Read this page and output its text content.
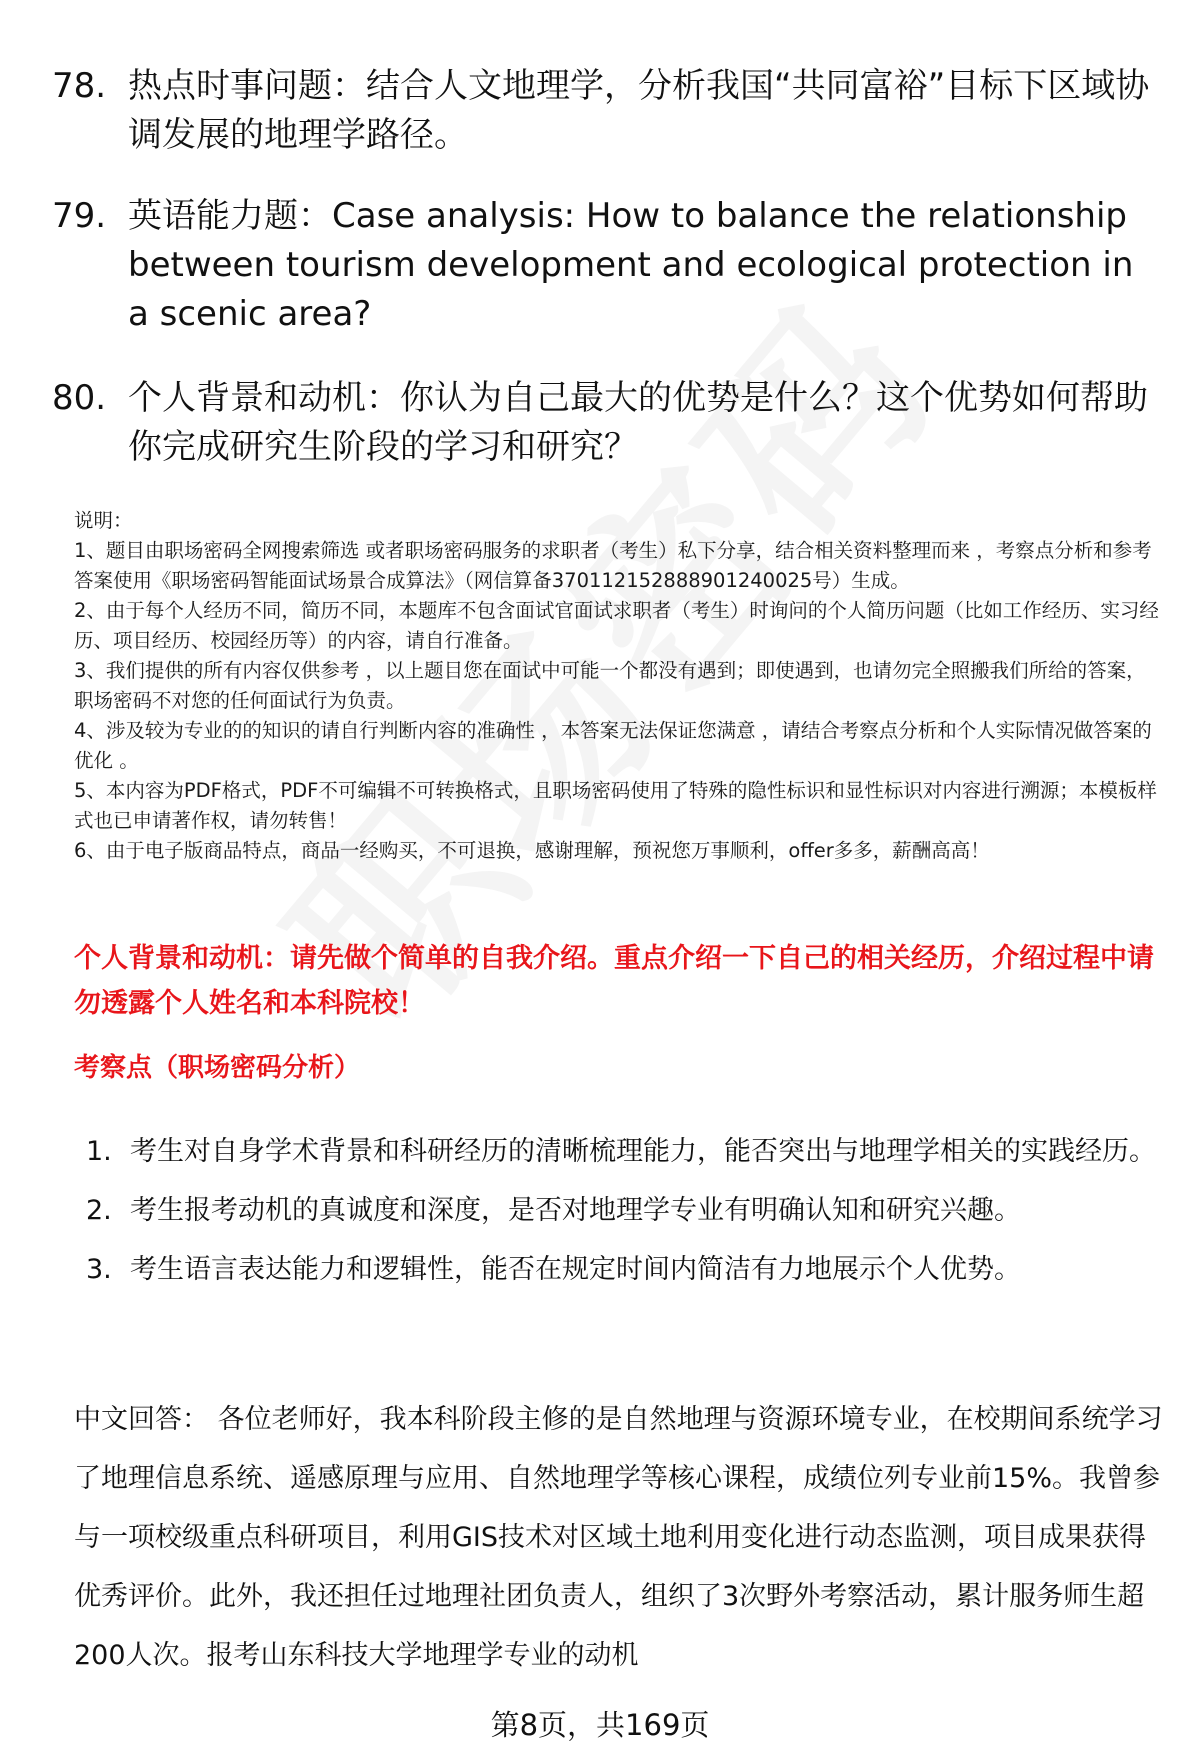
78. 热点时事问题：结合人文地理学，分析我国“共同富裕”目标下区域协调发展的地理学路径。
79. 英语能力题：Case analysis: How to balance the relationship between tourism development and ecological protection in a scenic area?
80. 个人背景和动机：你认为自己最大的优势是什么？这个优势如何帮助你完成研究生阶段的学习和研究？

说明：

1、题目由职场密码全网搜索筛选 或者职场密码服务的求职者（考生）私下分享，结合相关资料整理而来 ，考察点分析和参考答案使用《职场密码智能面试场景合成算法》（网信算备370112152888901240025号）生成。

2、由于每个人经历不同，简历不同，本题库不包含面试官面试求职者（考生）时询问的个人简历问题（比如工作经历、实习经历、项目经历、校园经历等）的内容，请自行准备。

3、我们提供的所有内容仅供参考 ，以上题目您在面试中可能一个都没有遇到；即使遇到，也请勿完全照搬我们所给的答案，职场密码不对您的任何面试行为负责。

4、涉及较为专业的的知识的请自行判断内容的准确性 ，本答案无法保证您满意 ，请结合考察点分析和个人实际情况做答案的优化 。

5、本内容为PDF格式，PDF不可编辑不可转换格式，且职场密码使用了特殊的隐性标识和显性标识对内容进行溯源；本模板样式也已申请著作权，请勿转售！

6、由于电子版商品特点，商品一经购买，不可退换，感谢理解，预祝您万事顺利，offer多多，薪酬高高！

个人背景和动机：请先做个简单的自我介绍。重点介绍一下自己的相关经历，介绍过程中请勿透露个人姓名和本科院校！
考察点（职场密码分析）
1. 考生对自身学术背景和科研经历的清晰梳理能力，能否突出与地理学相关的实践经历。
2. 考生报考动机的真诚度和深度，是否对地理学专业有明确认知和研究兴趣。
3. 考生语言表达能力和逻辑性，能否在规定时间内简洁有力地展示个人优势。
中文回答： 各位老师好，我本科阶段主修的是自然地理与资源环境专业，在校期间系统学习了地理信息系统、遥感原理与应用、自然地理学等核心课程，成绩位列专业前15%。我曾参与一项校级重点科研项目，利用GIS技术对区域土地利用变化进行动态监测，项目成果获得优秀评价。此外，我还担任过地理社团负责人，组织了3次野外考察活动，累计服务师生超200人次。报考山东科技大学地理学专业的动机
第8页，共169页
